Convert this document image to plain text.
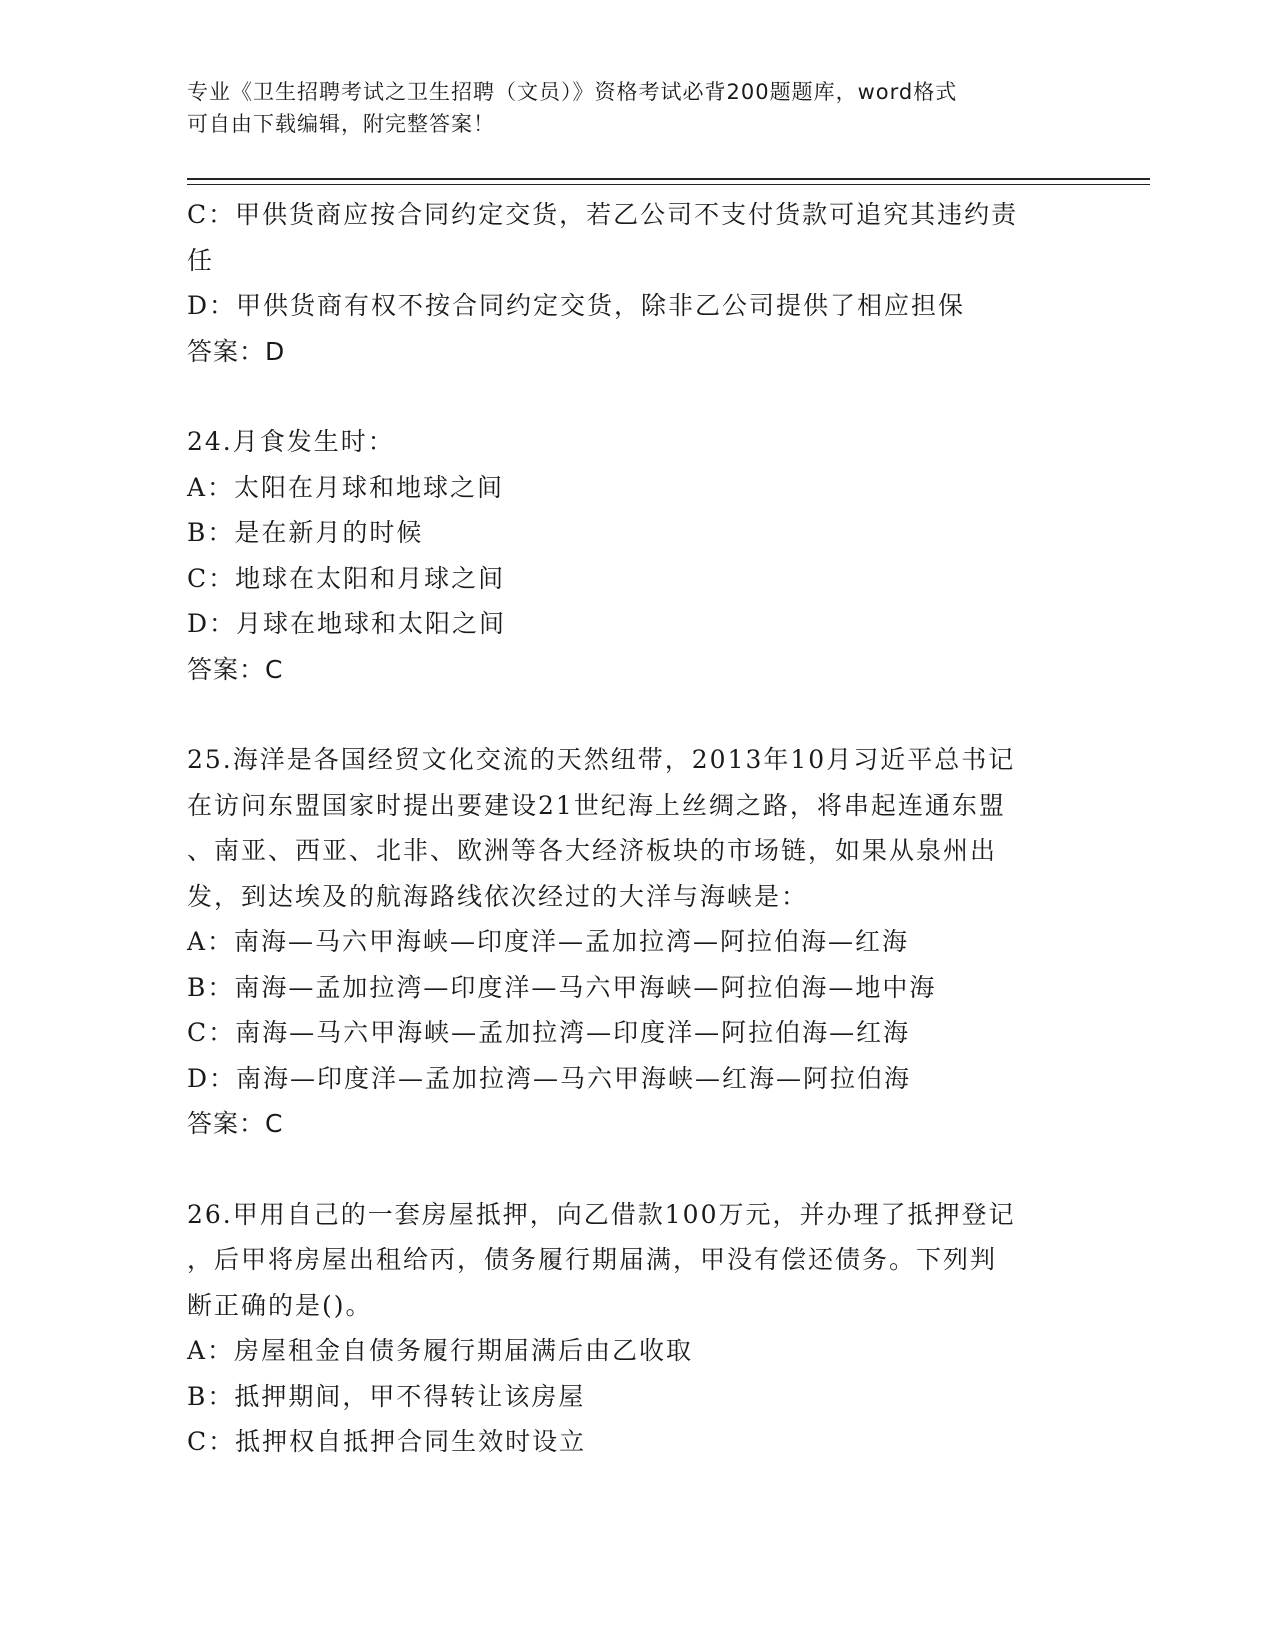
专业《卫生招聘考试之卫生招聘（文员）》资格考试必背200题题库，word格式
可自由下载编辑，附完整答案！
C：甲供货商应按合同约定交货，若乙公司不支付货款可追究其违约责
任
D：甲供货商有权不按合同约定交货，除非乙公司提供了相应担保
答案：D
24.月食发生时：
A：太阳在月球和地球之间
B：是在新月的时候
C：地球在太阳和月球之间
D：月球在地球和太阳之间
答案：C
25.海洋是各国经贸文化交流的天然纽带，2013年10月习近平总书记
在访问东盟国家时提出要建设21世纪海上丝绸之路，将串起连通东盟
、南亚、西亚、北非、欧洲等各大经济板块的市场链，如果从泉州出
发，到达埃及的航海路线依次经过的大洋与海峡是：
A：南海—马六甲海峡—印度洋—孟加拉湾—阿拉伯海—红海
B：南海—孟加拉湾—印度洋—马六甲海峡—阿拉伯海—地中海
C：南海—马六甲海峡—孟加拉湾—印度洋—阿拉伯海—红海
D：南海—印度洋—孟加拉湾—马六甲海峡—红海—阿拉伯海
答案：C
26.甲用自己的一套房屋抵押，向乙借款100万元，并办理了抵押登记
，后甲将房屋出租给丙，债务履行期届满，甲没有偿还债务。下列判
断正确的是()。
A：房屋租金自债务履行期届满后由乙收取
B：抵押期间，甲不得转让该房屋
C：抵押权自抵押合同生效时设立
